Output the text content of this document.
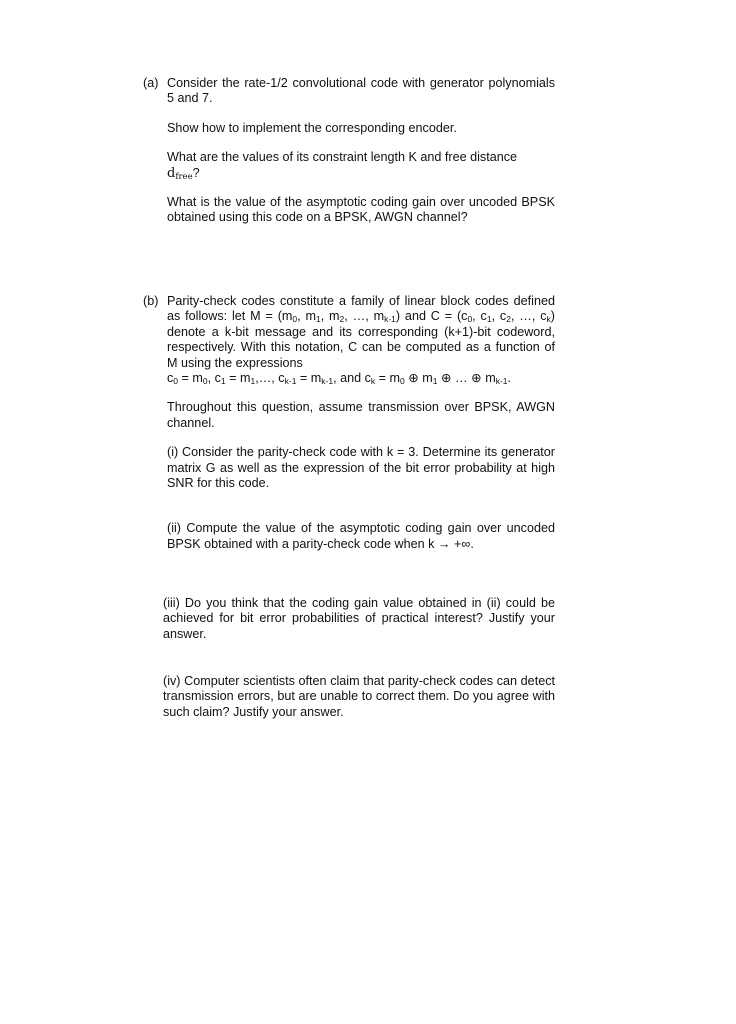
(a) Consider the rate-1/2 convolutional code with generator polynomials 5 and 7.

Show how to implement the corresponding encoder.

What are the values of its constraint length K and free distance
$d_{free}$?

What is the value of the asymptotic coding gain over uncoded BPSK obtained using this code on a BPSK, AWGN channel?

(b) Parity-check codes constitute a family of linear block codes defined as follows: let $M = (m_0$, $m_1$, $m_2$, …, $m_{k-1}$) and $C = (c_0$, $c_1$, $c_2$, …, $c_k$) denote a k-bit message and its corresponding (k+1)-bit codeword, respectively. With this notation, C can be computed as a function of M using the expressions
$c_0 = m_0$, $c_1$ = $m_1,\dots$, $c_{k-1} = m_{k-1}$, and $c_k = m_0$ ⊕ $m_1$ ⊕ … ⊕ $m_{k-1}$.

Throughout this question, assume transmission over BPSK, AWGN channel.

(i) Consider the parity-check code with k = 3. Determine its generator matrix G as well as the expression of the bit error probability at high SNR for this code.

(ii) Compute the value of the asymptotic coding gain over uncoded BPSK obtained with a parity-check code when k → +∞.

(iii) Do you think that the coding gain value obtained in (ii) could be achieved for bit error probabilities of practical interest? Justify your answer.

(iv) Computer scientists often claim that parity-check codes can detect transmission errors, but are unable to correct them. Do you agree with such claim? Justify your answer.
